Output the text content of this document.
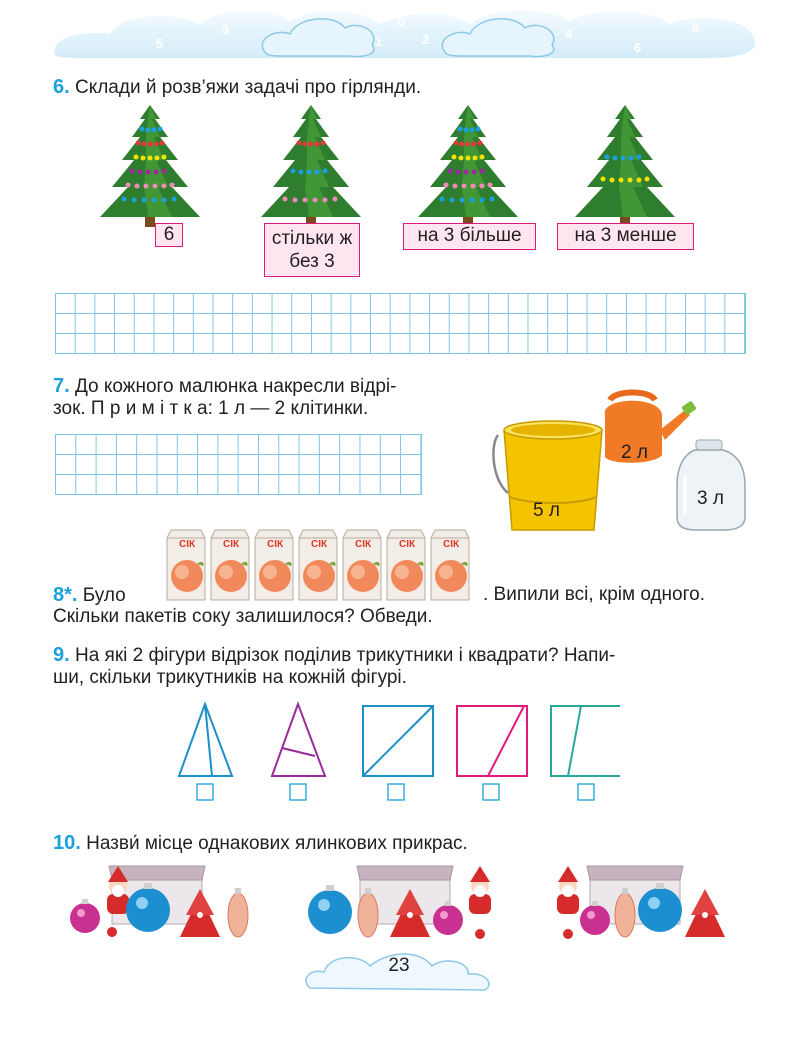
7
5
3
1
0
2	4
6
8
6. Склади й розв’яжи задачі про гірлянди.
6	стільки ж без 3
на 3 більше	на 3 менше
7. До кожного малюнка накресли відрі-
зок. П р и м і т к а: 1 л — 2 клітинки.
5 л
2 л
3 л
8*. Було	. Випили всі, крім одного.
Скільки пакетів соку залишилося? Обведи.
СІК	СІК	СІК	СІК	СІК	СІК	СІК
9. На які 2 фігури відрізок поділив трикутники і квадрати? Напи-
ши, скільки трикутників на кожній фігурі.
10. Назви́ місце однакових ялинкових прикрас.
23
